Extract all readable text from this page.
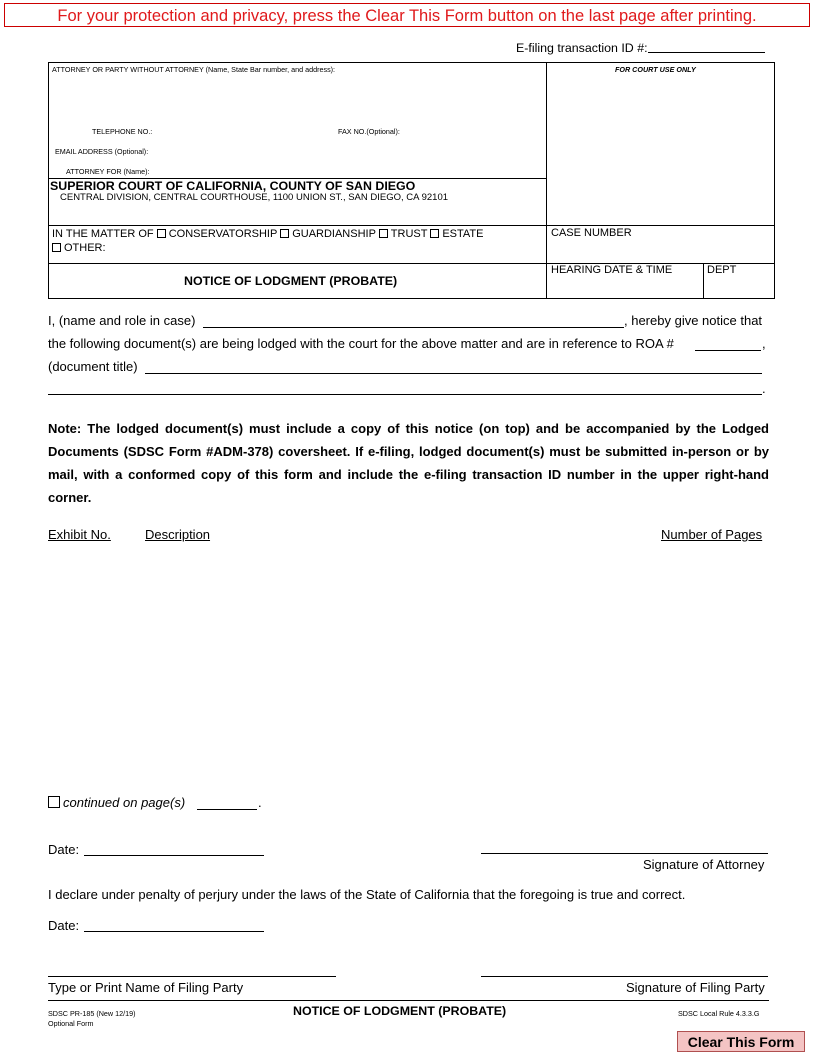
For your protection and privacy, press the Clear This Form button on the last page after printing.
E-filing transaction ID #:
ATTORNEY OR PARTY WITHOUT ATTORNEY (Name, State Bar number, and address):	FOR COURT USE ONLY
TELEPHONE NO.:	FAX NO.(Optional):
EMAIL ADDRESS (Optional):
ATTORNEY FOR (Name):
SUPERIOR COURT OF CALIFORNIA, COUNTY OF SAN DIEGO
CENTRAL DIVISION, CENTRAL COURTHOUSE, 1100 UNION ST., SAN DIEGO, CA 92101
IN THE MATTER OF CONSERVATORSHIP GUARDIANSHIP TRUST ESTATE
OTHER:
CASE NUMBER
NOTICE OF LODGMENT (PROBATE)
HEARING DATE & TIME	DEPT
I, (name and role in case)	, hereby give notice that
the following document(s) are being lodged with the court for the above matter and are in reference to ROA #	,
(document title)
.
Note: The lodged document(s) must include a copy of this notice (on top) and be accompanied by the Lodged Documents (SDSC Form #ADM-378) coversheet. If e-filing, lodged document(s) must be submitted in-person or by mail, with a conformed copy of this form and include the e-filing transaction ID number in the upper right-hand corner.
Exhibit No.	Description	Number of Pages
continued on page(s)	.
Date:
Signature of Attorney
I declare under penalty of perjury under the laws of the State of California that the foregoing is true and correct.
Date:
Type or Print Name of Filing Party	Signature of Filing Party
SDSC PR-185 (New 12/19)
Optional Form
NOTICE OF LODGMENT (PROBATE)	SDSC Local Rule 4.3.3.G
Clear This Form
